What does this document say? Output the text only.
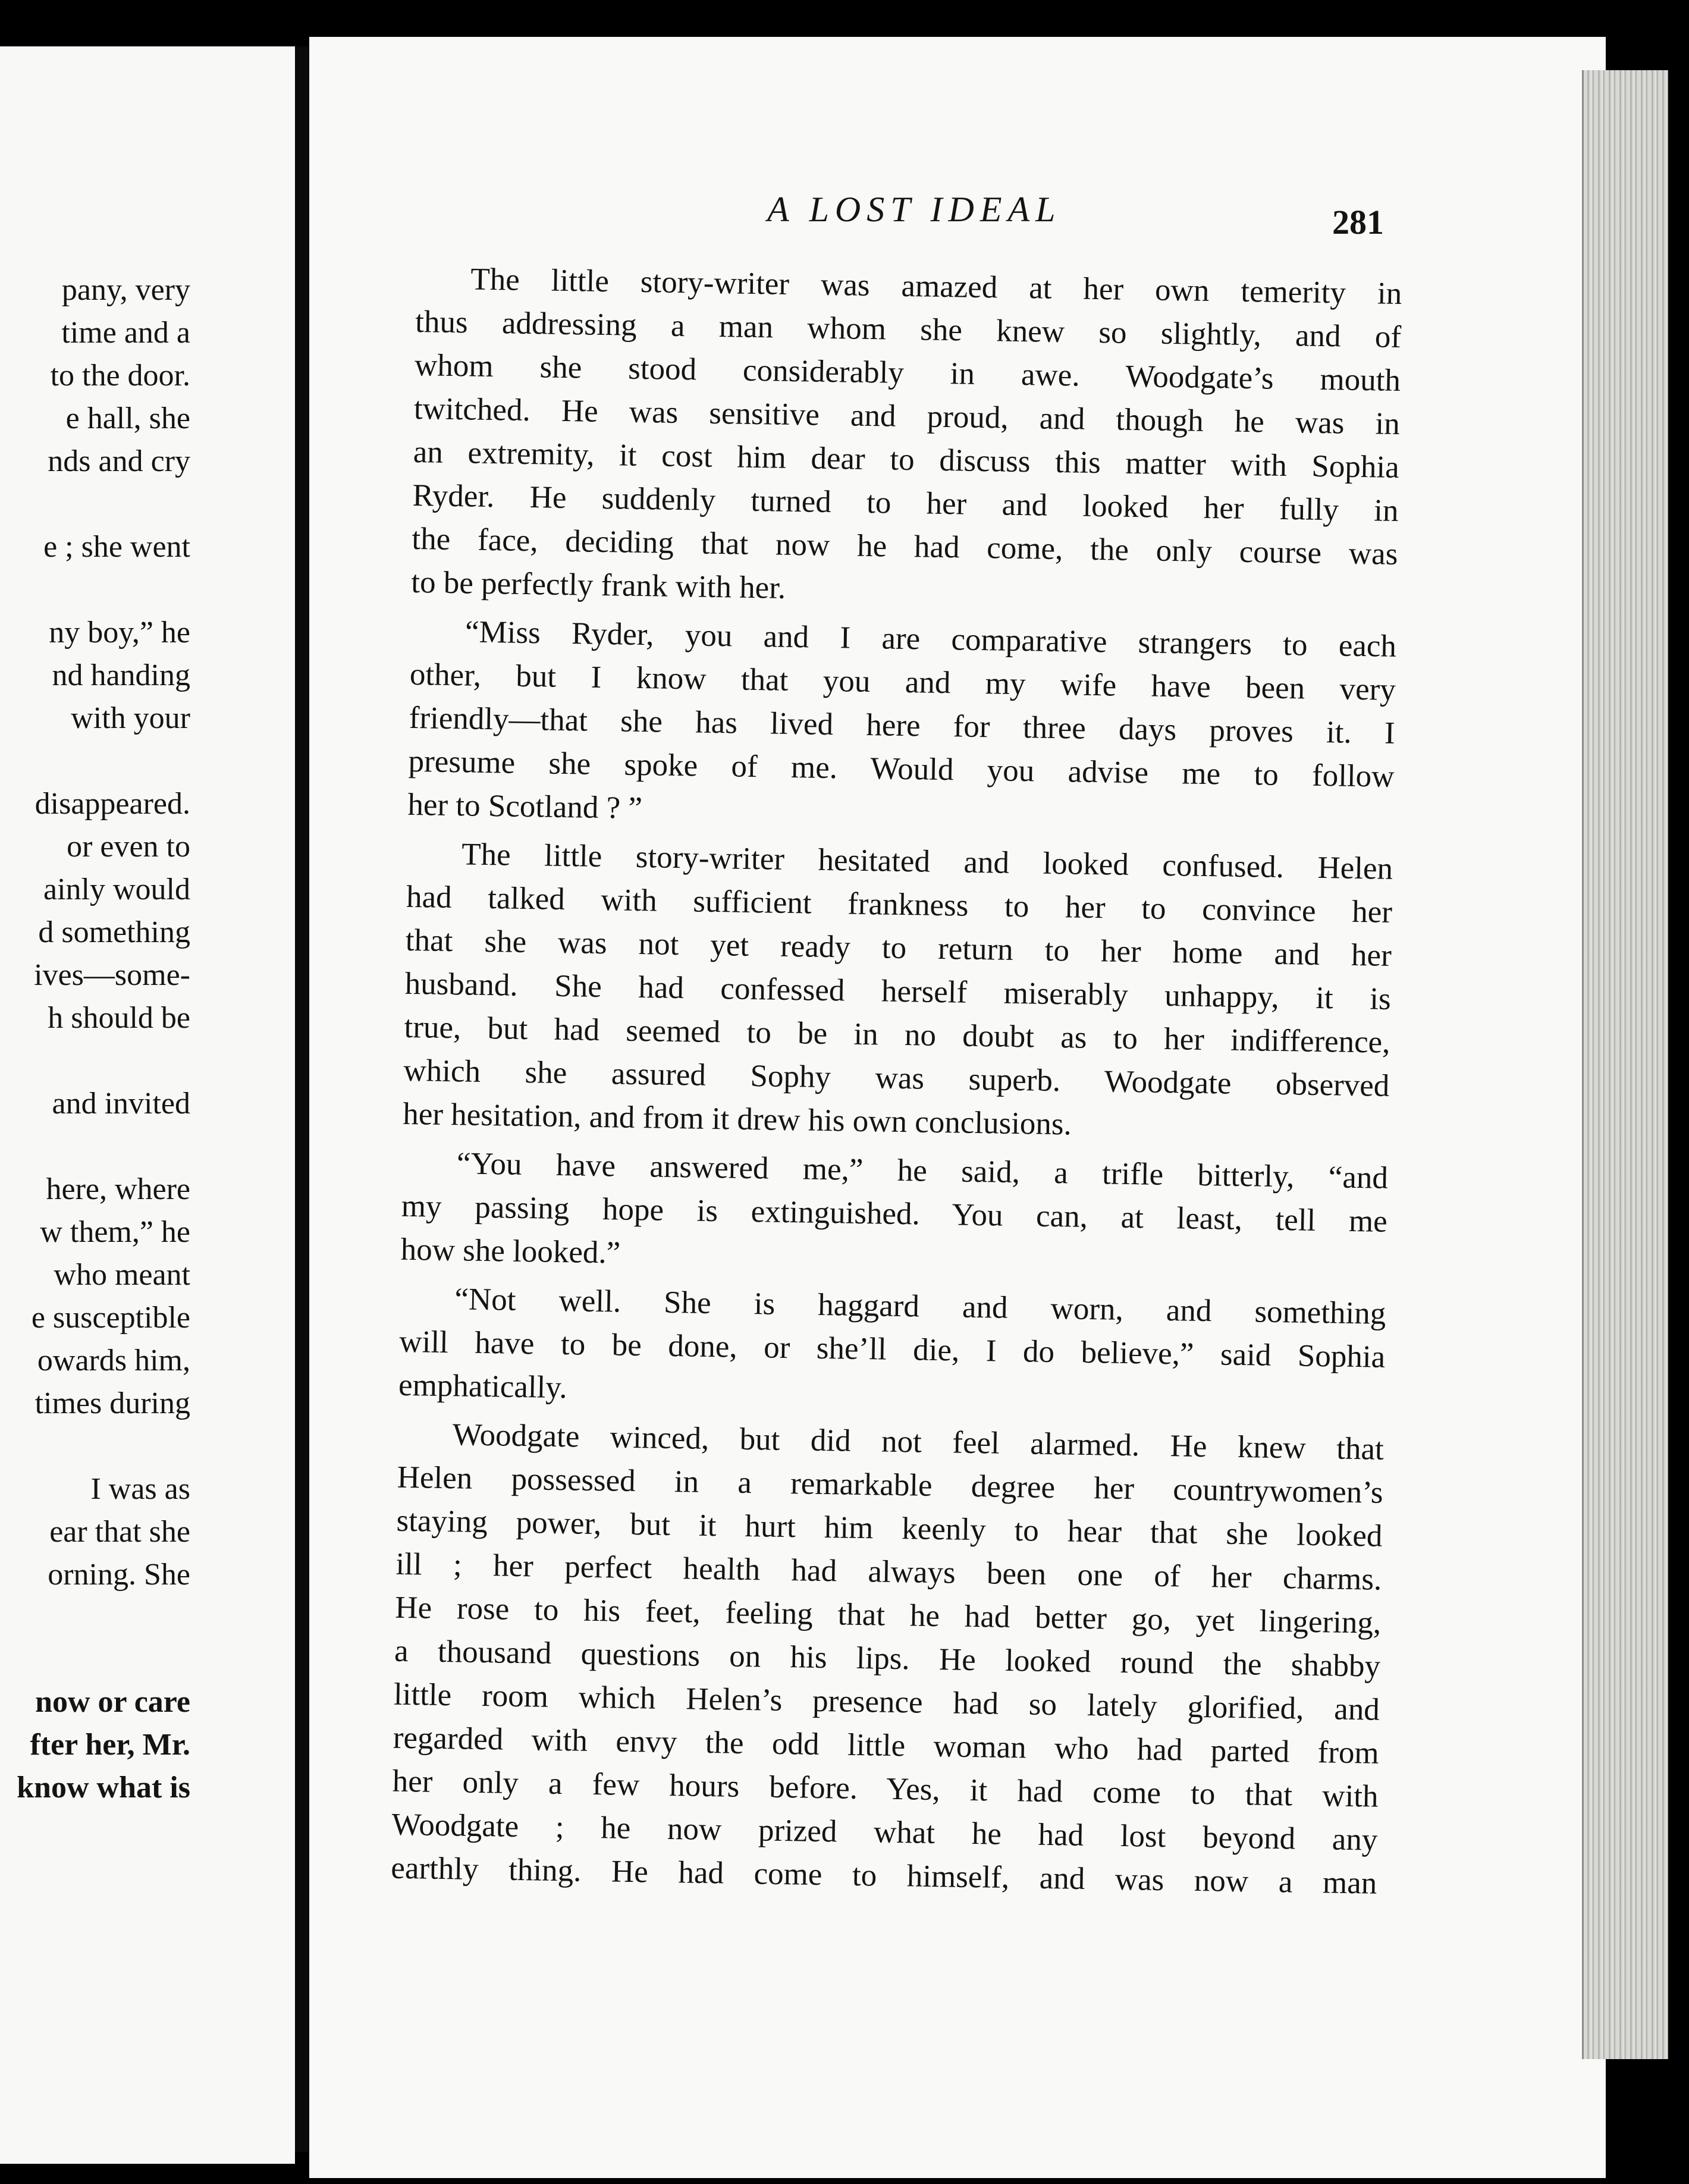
pany, very
time and a
to the door.
e hall, she
nds and cry
e ; she went
ny boy,” he
nd handing
with your
disappeared.
or even to
ainly would
d something
ives—some-
h should be
and invited
here, where
w them,” he
who meant
e susceptible
owards him,
times during
I was as
ear that she
orning. She
now or care
fter her, Mr.
know what is
A LOST IDEAL	281
The little story-writer was amazed at her own temerity in
thus addressing a man whom she knew so slightly, and of
whom she stood considerably in awe. Woodgate’s mouth
twitched. He was sensitive and proud, and though he was in
an extremity, it cost him dear to discuss this matter with Sophia
Ryder. He suddenly turned to her and looked her fully in
the face, deciding that now he had come, the only course was
to be perfectly frank with her.
“Miss Ryder, you and I are comparative strangers to each
other, but I know that you and my wife have been very
friendly—that she has lived here for three days proves it. I
presume she spoke of me. Would you advise me to follow
her to Scotland ? ”
The little story-writer hesitated and looked confused. Helen
had talked with sufficient frankness to her to convince her
that she was not yet ready to return to her home and her
husband. She had confessed herself miserably unhappy, it is
true, but had seemed to be in no doubt as to her indifference,
which she assured Sophy was superb. Woodgate observed
her hesitation, and from it drew his own conclusions.
“You have answered me,” he said, a trifle bitterly, “and
my passing hope is extinguished. You can, at least, tell me
how she looked.”
“Not well. She is haggard and worn, and something
will have to be done, or she’ll die, I do believe,” said Sophia
emphatically.
Woodgate winced, but did not feel alarmed. He knew that
Helen possessed in a remarkable degree her countrywomen’s
staying power, but it hurt him keenly to hear that she looked
ill ; her perfect health had always been one of her charms.
He rose to his feet, feeling that he had better go, yet lingering,
a thousand questions on his lips. He looked round the shabby
little room which Helen’s presence had so lately glorified, and
regarded with envy the odd little woman who had parted from
her only a few hours before. Yes, it had come to that with
Woodgate ; he now prized what he had lost beyond any
earthly thing. He had come to himself, and was now a man
